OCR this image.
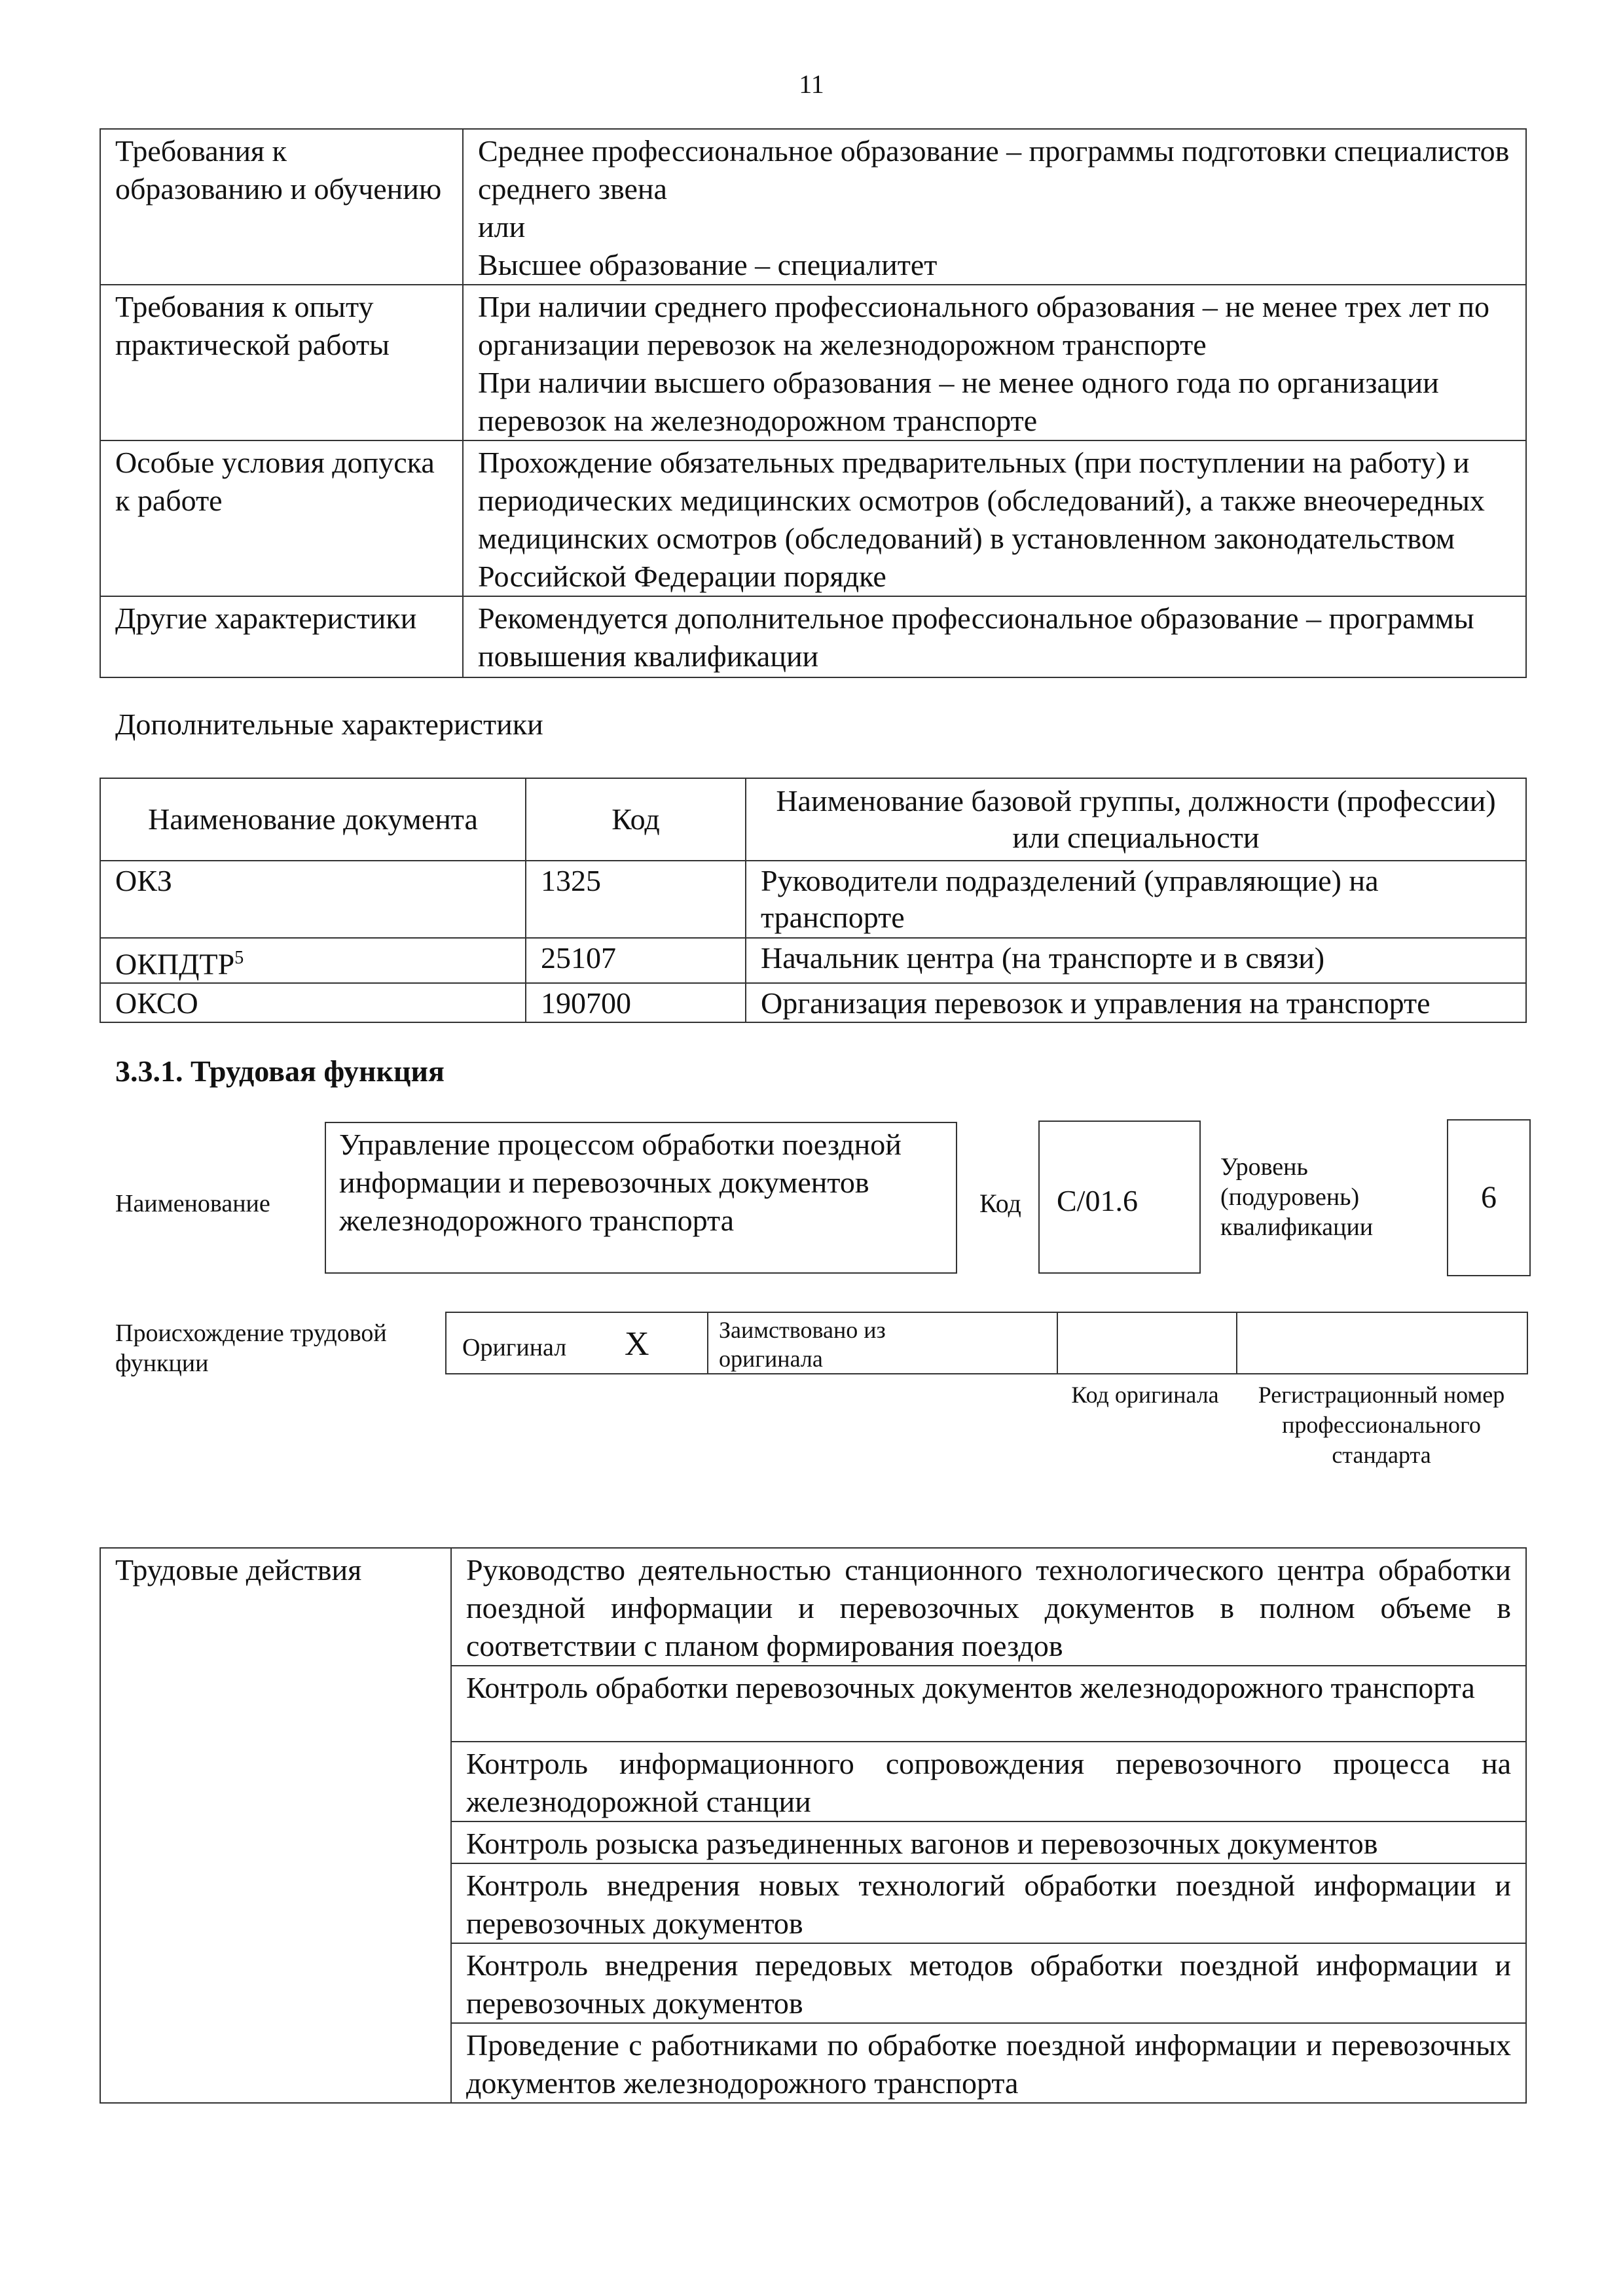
11
Требования к образованию и обучению	Среднее профессиональное образование – программы подготовки специалистов среднего звена
или
Высшее образование – специалитет

Требования к опыту практической работы	При наличии среднего профессионального образования – не менее трех лет по организации перевозок на железнодорожном транспорте
При наличии высшего образования – не менее одного года по организации перевозок на железнодорожном транспорте

Особые условия допуска к работе	Прохождение обязательных предварительных (при поступлении на работу) и периодических медицинских осмотров (обследований), а также внеочередных медицинских осмотров (обследований) в установленном законодательством Российской Федерации порядке

Другие характеристики	Рекомендуется дополнительное профессиональное образование – программы повышения квалификации
Дополнительные характеристики
Наименование документа	Код	Наименование базовой группы, должности (профессии) или специальности
ОКЗ	1325	Руководители подразделений (управляющие) на транспорте
ОКПДТР$^5$	25107	Начальник центра (на транспорте и в связи)
ОКСО	190700	Организация перевозок и управления на транспорте
3.3.1. Трудовая функция
Наименование
Управление процессом обработки поездной информации и перевозочных документов железнодорожного транспорта
Код	C/01.6
Уровень (подуровень) квалификации
6
Происхождение трудовой функции
Оригинал X	Заимствовано из оригинала
Код оригинала	Регистрационный номер профессионального стандарта
Трудовые действия	Руководство деятельностью станционного технологического центра обработки поездной информации и перевозочных документов в полном объеме в соответствии с планом формирования поездов
Контроль обработки перевозочных документов железнодорожного транспорта
Контроль информационного сопровождения перевозочного процесса на железнодорожной станции
Контроль розыска разъединенных вагонов и перевозочных документов
Контроль внедрения новых технологий обработки поездной информации и перевозочных документов
Контроль внедрения передовых методов обработки поездной информации и перевозочных документов
Проведение с работниками по обработке поездной информации и перевозочных документов железнодорожного транспорта
